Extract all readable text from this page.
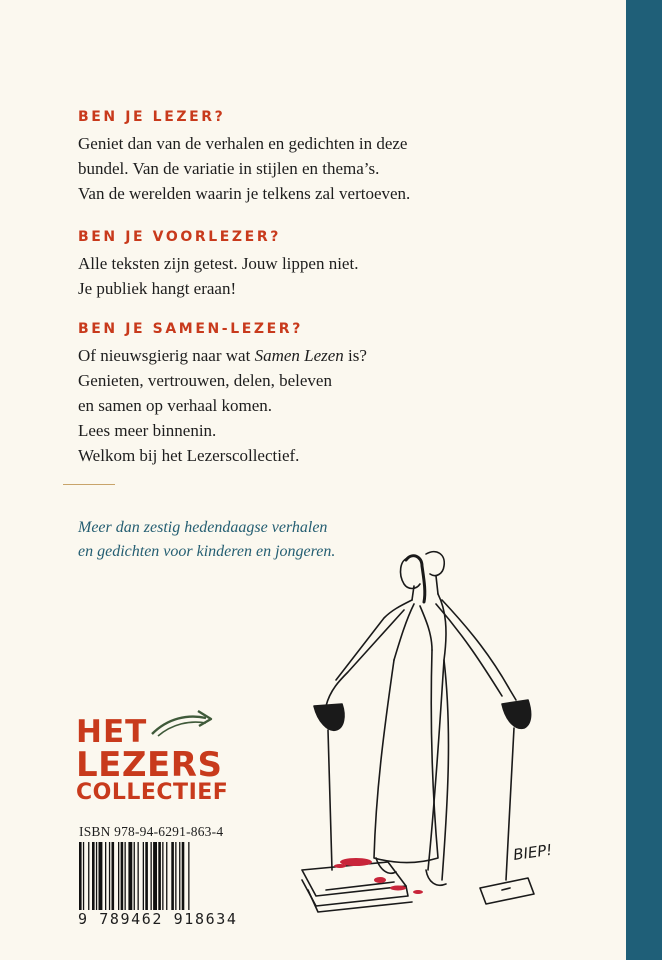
BEN JE LEZER?

Geniet dan van de verhalen en gedichten in deze

bundel. Van de variatie in stijlen en thema’s.

Van de werelden waarin je telkens zal vertoeven.

BEN JE VOORLEZER?

Alle teksten zijn getest. Jouw lippen niet.

Je publiek hangt eraan!

BEN JE SAMEN-LEZER?

Of nieuwsgierig naar wat Samen Lezen is?

Genieten, vertrouwen, delen, beleven

en samen op verhaal komen.

Lees meer binnenin.

Welkom bij het Lezerscollectief.

Meer dan zestig hedendaagse verhalen
en gedichten voor kinderen en jongeren.
HET
LEZERS
COLLECTIEF
ISBN 978-94-6291-863-4
9 789462 918634
BIEP!
